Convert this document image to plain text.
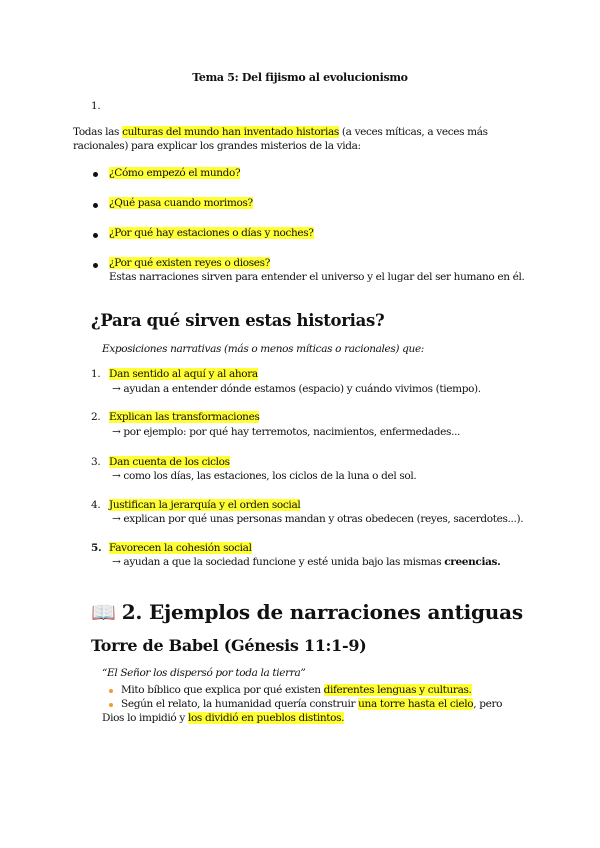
Tema 5: Del fijismo al evolucionismo
1.
Todas las culturas del mundo han inventado historias (a veces míticas, a veces más
racionales) para explicar los grandes misterios de la vida:
¿Cómo empezó el mundo?
¿Qué pasa cuando morimos?
¿Por qué hay estaciones o días y noches?
¿Por qué existen reyes o dioses?
Estas narraciones sirven para entender el universo y el lugar del ser humano en él.
¿Para qué sirven estas historias?
Exposiciones narrativas (más o menos míticas o racionales) que:
1. Dan sentido al aquí y al ahora
→ ayudan a entender dónde estamos (espacio) y cuándo vivimos (tiempo).
2. Explican las transformaciones
→ por ejemplo: por qué hay terremotos, nacimientos, enfermedades...
3. Dan cuenta de los ciclos
→ como los días, las estaciones, los ciclos de la luna o del sol.
4. Justifican la jerarquía y el orden social
→ explican por qué unas personas mandan y otras obedecen (reyes, sacerdotes...).
5. Favorecen la cohesión social
→ ayudan a que la sociedad funcione y esté unida bajo las mismas creencias.
📖 2. Ejemplos de narraciones antiguas
Torre de Babel (Génesis 11:1-9)
“El Señor los dispersó por toda la tierra”
Mito bíblico que explica por qué existen diferentes lenguas y culturas.
Según el relato, la humanidad quería construir una torre hasta el cielo, pero
Dios lo impidió y los dividió en pueblos distintos.
